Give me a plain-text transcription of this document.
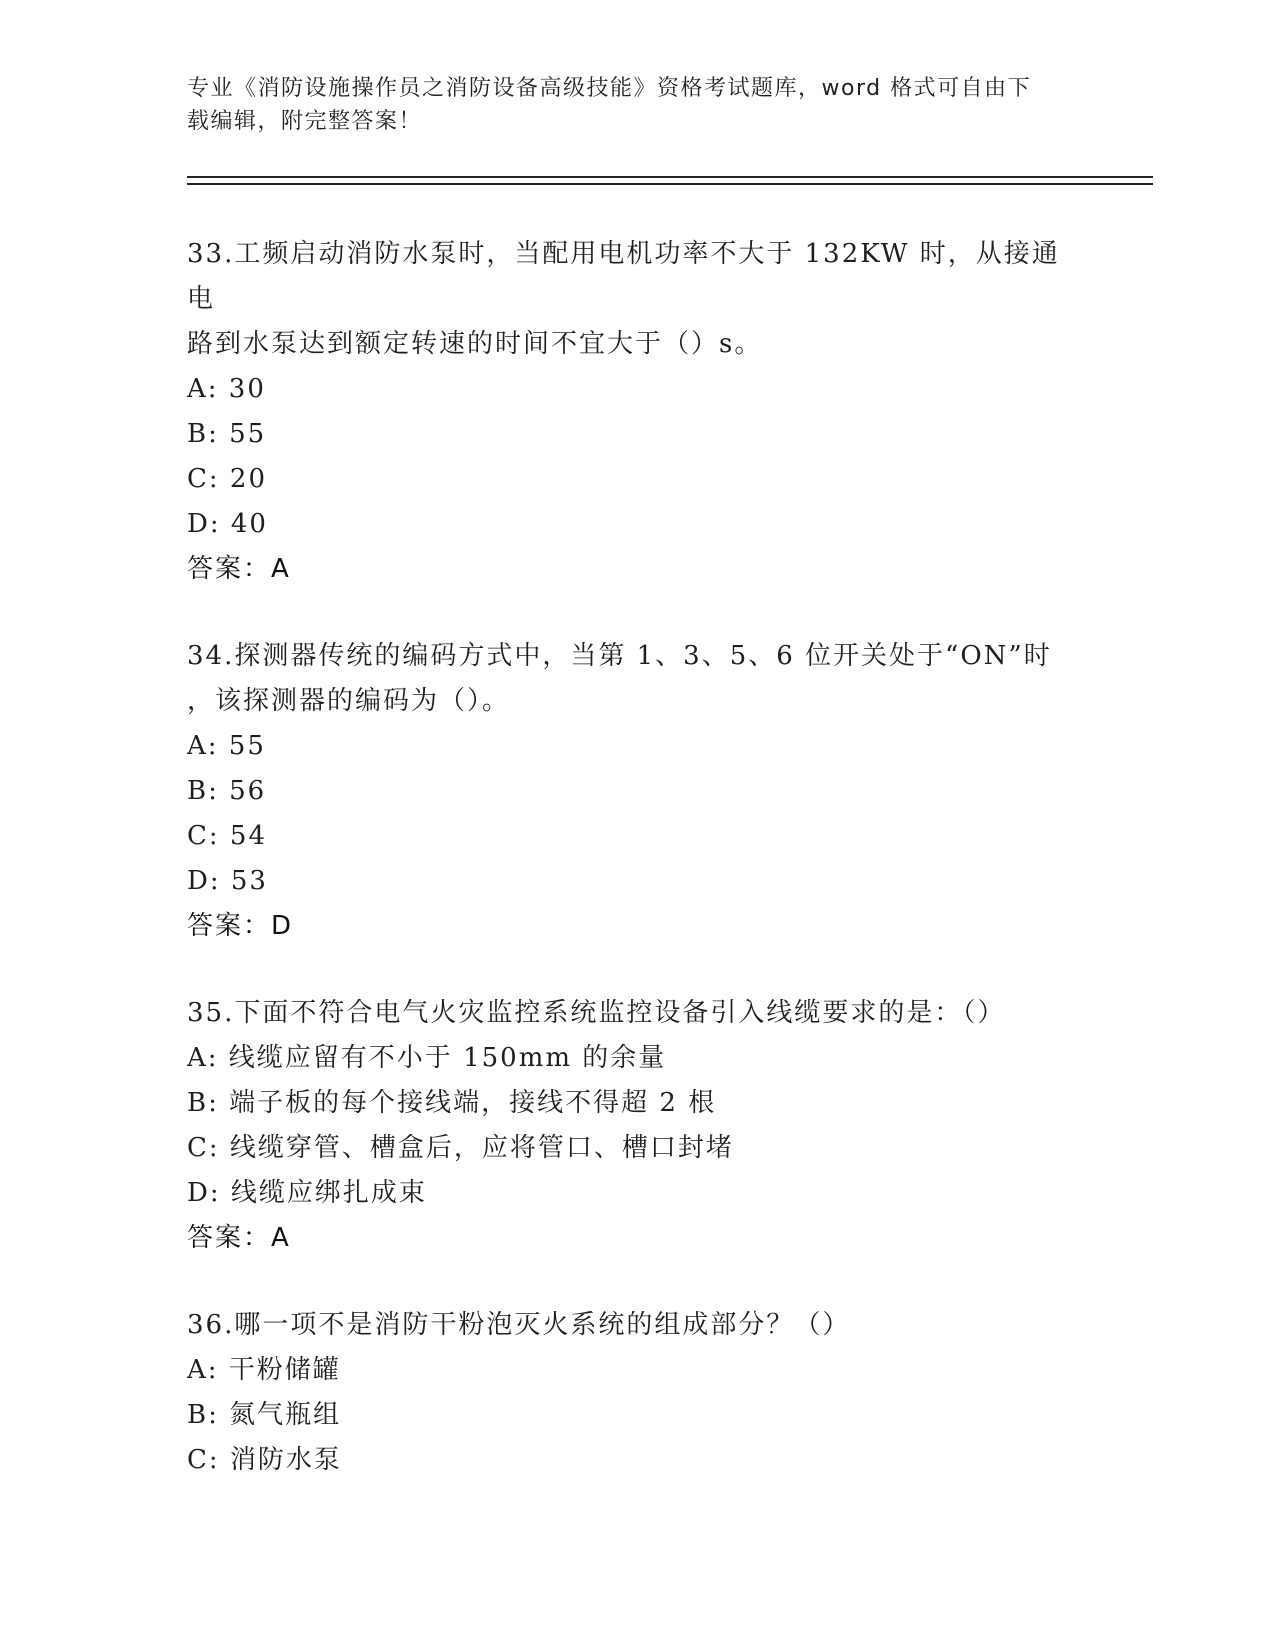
专业《消防设施操作员之消防设备高级技能》资格考试题库，word 格式可自由下
载编辑，附完整答案！
33.工频启动消防水泵时，当配用电机功率不大于 132KW 时，从接通电
路到水泵达到额定转速的时间不宜大于（）s。
A: 30
B: 55
C: 20
D: 40
答案：A
34.探测器传统的编码方式中，当第 1、3、5、6 位开关处于“ON”时
，该探测器的编码为（）。
A: 55
B: 56
C: 54
D: 53
答案：D
35.下面不符合电气火灾监控系统监控设备引入线缆要求的是：（）
A: 线缆应留有不小于 150mm 的余量
B: 端子板的每个接线端，接线不得超 2 根
C: 线缆穿管、槽盒后，应将管口、槽口封堵
D: 线缆应绑扎成束
答案：A
36.哪一项不是消防干粉泡灭火系统的组成部分？（）
A: 干粉储罐
B: 氮气瓶组
C: 消防水泵
